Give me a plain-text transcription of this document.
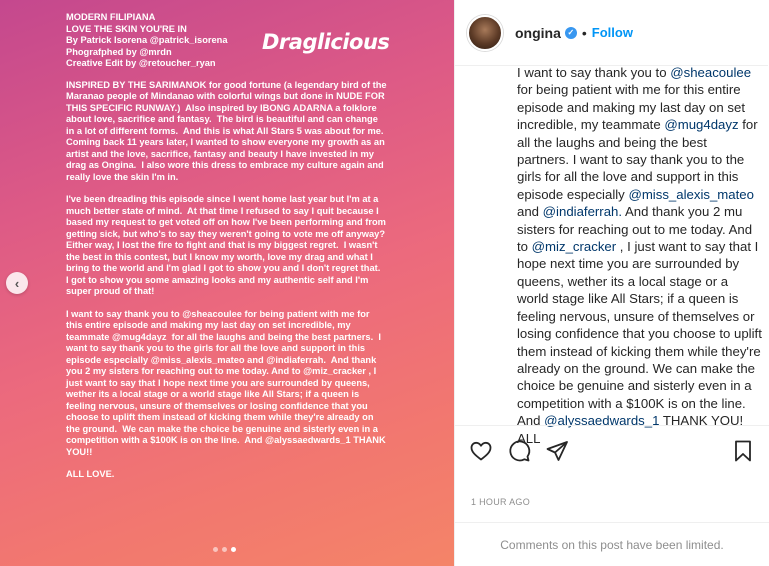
MODERN FILIPIANA
LOVE THE SKIN YOU'RE IN
By Patrick Isorena @patrick_isorena
Phografphed by @mrdn
Creative Edit by @retoucher_ryan
INSPIRED BY THE SARIMANOK for good fortune (a legendary bird of the Maranao people of Mindanao with colorful wings but done in NUDE FOR THIS SPECIFIC RUNWAY.)  Also inspired by IBONG ADARNA a folklore about love, sacrifice and fantasy.  The bird is beautiful and can change in a lot of different forms.  And this is what All Stars 5 was about for me. Coming back 11 years later, I wanted to show everyone my growth as an artist and the love, sacrifice, fantasy and beauty I have invested in my drag as Ongina.  I also wore this dress to embrace my culture again and really love the skin I'm in.
I've been dreading this episode since I went home last year but I'm at a much better state of mind.  At that time I refused to say I quit because I based my request to get voted off on how I've been performing and from getting sick, but who's to say they weren't going to vote me off anyway?  Either way, I lost the fire to fight and that is my biggest regret.  I wasn't the best in this contest, but I know my worth, love my drag and what I bring to the world and I'm glad I got to show you and I don't regret that.  I got to show you some amazing looks and my authentic self and I'm super proud of that!
I want to say thank you to @sheacoulee for being patient with me for this entire episode and making my last day on set incredible, my teammate @mug4dayz  for all the laughs and being the best partners.  I want to say thank you to the girls for all the love and support in this episode especially @miss_alexis_mateo and @indiaferrah.  And thank you 2 my sisters for reaching out to me today. And to @miz_cracker , I just want to say that I hope next time you are surrounded by queens, wether its a local stage or a world stage like All Stars; if a queen is feeling nervous, unsure of themselves or losing confidence that you choose to uplift them instead of kicking them while they're already on the ground.  We can make the choice be genuine and sisterly even in a competition with a $100K is on the line.  And @alyssaedwards_1 THANK YOU!!
ALL LOVE.
Draglicious
‹
ongina ✓ • Follow
I want to say thank you to @sheacoulee for being patient with me for this entire episode and making my last day on set incredible, my teammate @mug4dayz for all the laughs and being the best partners. I want to say thank you to the girls for all the love and support in this episode especially @miss_alexis_mateo and @indiaferrah. And thank you 2 mu sisters for reaching out to me today. And to @miz_cracker , I just want to say that I hope next time you are surrounded by queens, wether its a local stage or a world stage like All Stars; if a queen is feeling nervous, unsure of themselves or losing confidence that you choose to uplift them instead of kicking them while they're already on the ground. We can make the choice be genuine and sisterly even in a competition with a $100K is on the line. And @alyssaedwards_1 THANK YOU! ALL
1 HOUR AGO
Comments on this post have been limited.
